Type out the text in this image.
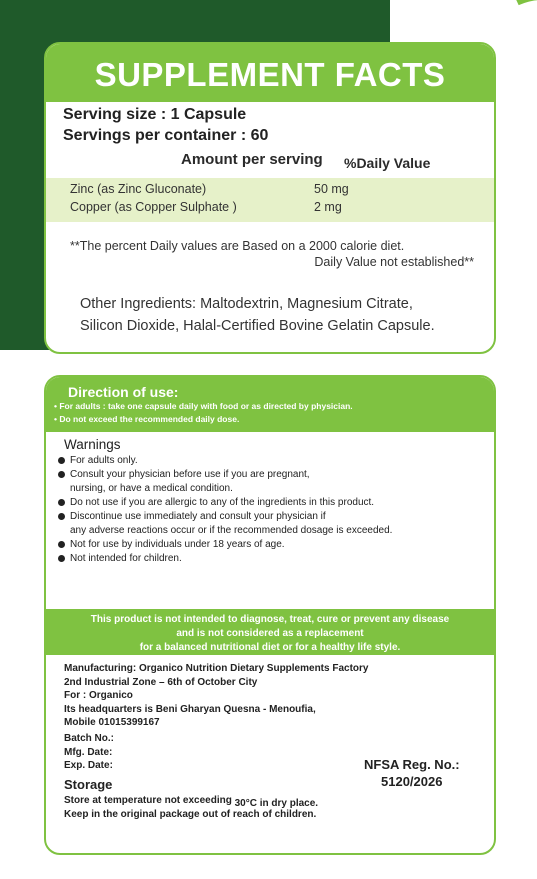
SUPPLEMENT FACTS
Serving size : 1 Capsule
Servings per container : 60
Amount per serving %Daily Value
Zinc (as Zinc Gluconate)	50 mg
Copper (as Copper Sulphate )	2 mg
**The percent Daily values are Based on a 2000 calorie diet.
Daily Value not established**
Other Ingredients: Maltodextrin, Magnesium Citrate,
Silicon Dioxide, Halal-Certified Bovine Gelatin Capsule.
Direction of use:
• For adults : take one capsule daily with food or as directed by physician.
• Do not exceed the recommended daily dose.
Warnings
For adults only.
Consult your physician before use if you are pregnant,
nursing, or have a medical condition.
Do not use if you are allergic to any of the ingredients in this product.
Discontinue use immediately and consult your physician if
any adverse reactions occur or if the recommended dosage is exceeded.
Not for use by individuals under 18 years of age.
Not intended for children.
This product is not intended to diagnose, treat, cure or prevent any disease
and is not considered as a replacement
for a balanced nutritional diet or for a healthy life style.
Manufacturing: Organico Nutrition Dietary Supplements Factory
2nd Industrial Zone – 6th of October City
For : Organico
Its headquarters is Beni Gharyan Quesna - Menoufia,
Mobile 01015399167
Batch No.:
Mfg. Date:
Exp. Date:	NFSA Reg. No.:
5120/2026
Storage
Store at temperature not exceeding 30°C in dry place.
Keep in the original package out of reach of children.
